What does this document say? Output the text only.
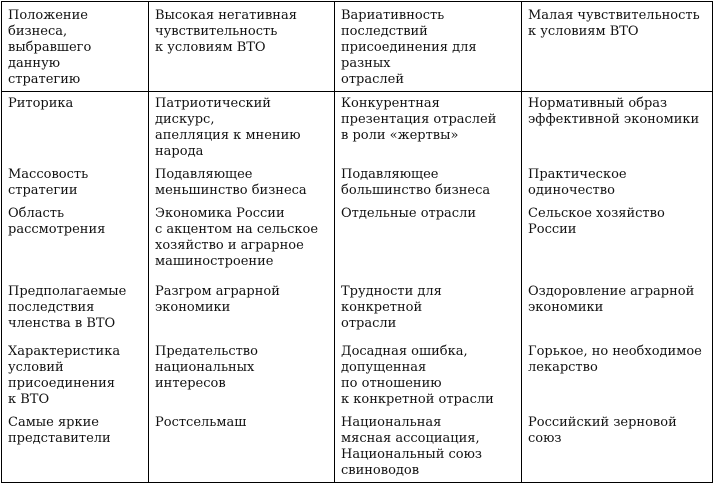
Положение бизнеса,
выбравшего данную
стратегию	Высокая негативная
чувствительность
к условиям ВТО	Вариативность
последствий
присоединения для разных
отраслей	Малая чувствительность
к условиям ВТО
Риторика	Патриотический дискурс,
апелляция к мнению
народа	Конкурентная
презентация отраслей
в роли «жертвы»	Нормативный образ
эффективной экономики
Массовость
стратегии	Подавляющее
меньшинство бизнеса	Подавляющее
большинство бизнеса	Практическое
одиночество
Область
рассмотрения	Экономика России
с акцентом на сельское
хозяйство и аграрное
машиностроение	Отдельные отрасли	Сельское хозяйство
России
Предполагаемые
последствия
членства в ВТО	Разгром аграрной
экономики	Трудности для конкретной
отрасли	Оздоровление аграрной
экономики
Характеристика
условий
присоединения
к ВТО	Предательство
национальных интересов	Досадная ошибка,
допущенная
по отношению
к конкретной отрасли	Горькое, но необходимое
лекарство
Самые яркие
представители	Ростсельмаш	Национальная
мясная ассоциация,
Национальный союз
свиноводов	Российский зерновой
союз
